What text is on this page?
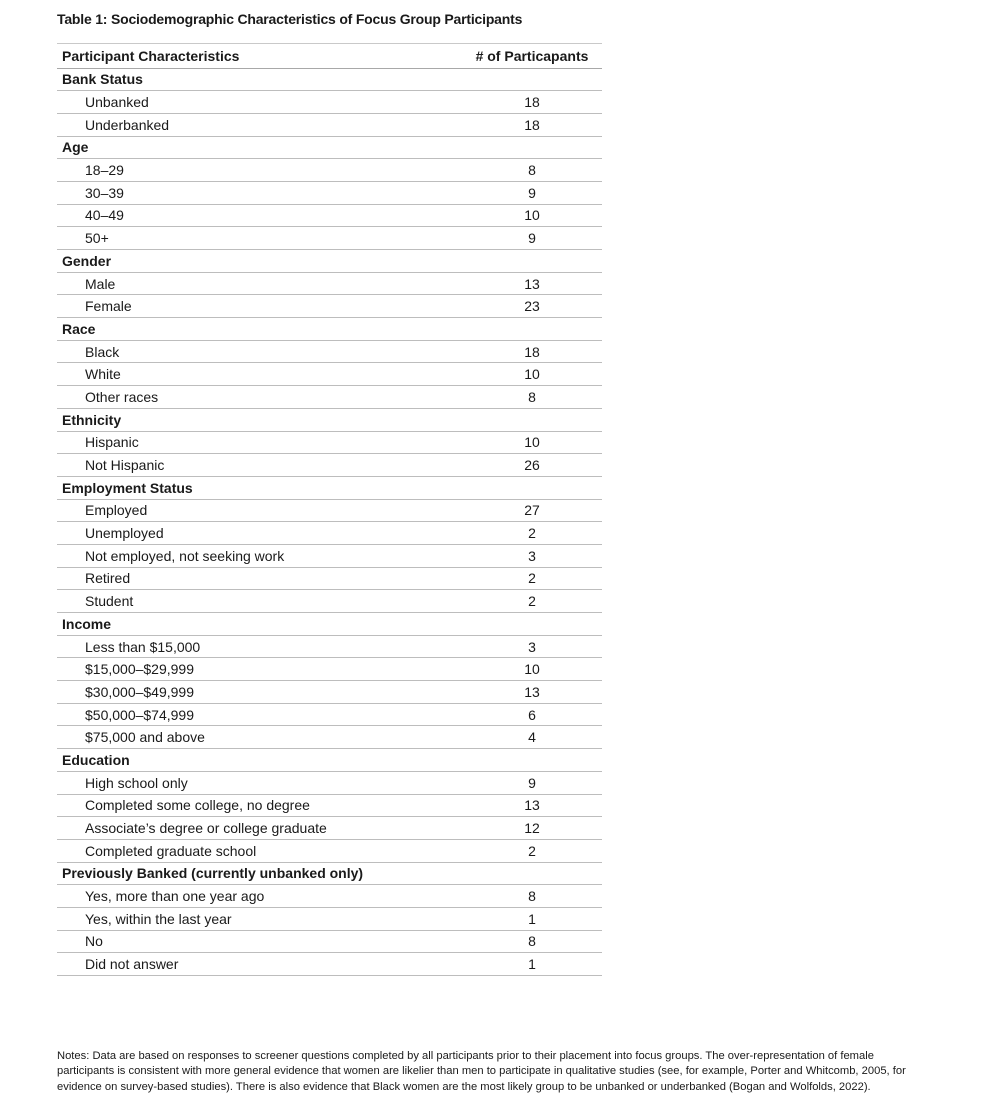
Table 1: Sociodemographic Characteristics of Focus Group Participants
Participant Characteristics	# of Particapants
Bank Status
Unbanked	18
Underbanked	18
Age
18–29	8
30–39	9
40–49	10
50+	9
Gender
Male	13
Female	23
Race
Black	18
White	10
Other races	8
Ethnicity
Hispanic	10
Not Hispanic	26
Employment Status
Employed	27
Unemployed	2
Not employed, not seeking work	3
Retired	2
Student	2
Income
Less than $15,000	3
$15,000–$29,999	10
$30,000–$49,999	13
$50,000–$74,999	6
$75,000 and above	4
Education
High school only	9
Completed some college, no degree	13
Associate’s degree or college graduate	12
Completed graduate school	2
Previously Banked (currently unbanked only)
Yes, more than one year ago	8
Yes, within the last year	1
No	8
Did not answer	1
Notes: Data are based on responses to screener questions completed by all participants prior to their placement into focus groups. The over-representation of female participants is consistent with more general evidence that women are likelier than men to participate in qualitative studies (see, for example, Porter and Whitcomb, 2005, for evidence on survey-based studies). There is also evidence that Black women are the most likely group to be unbanked or underbanked (Bogan and Wolfolds, 2022).
